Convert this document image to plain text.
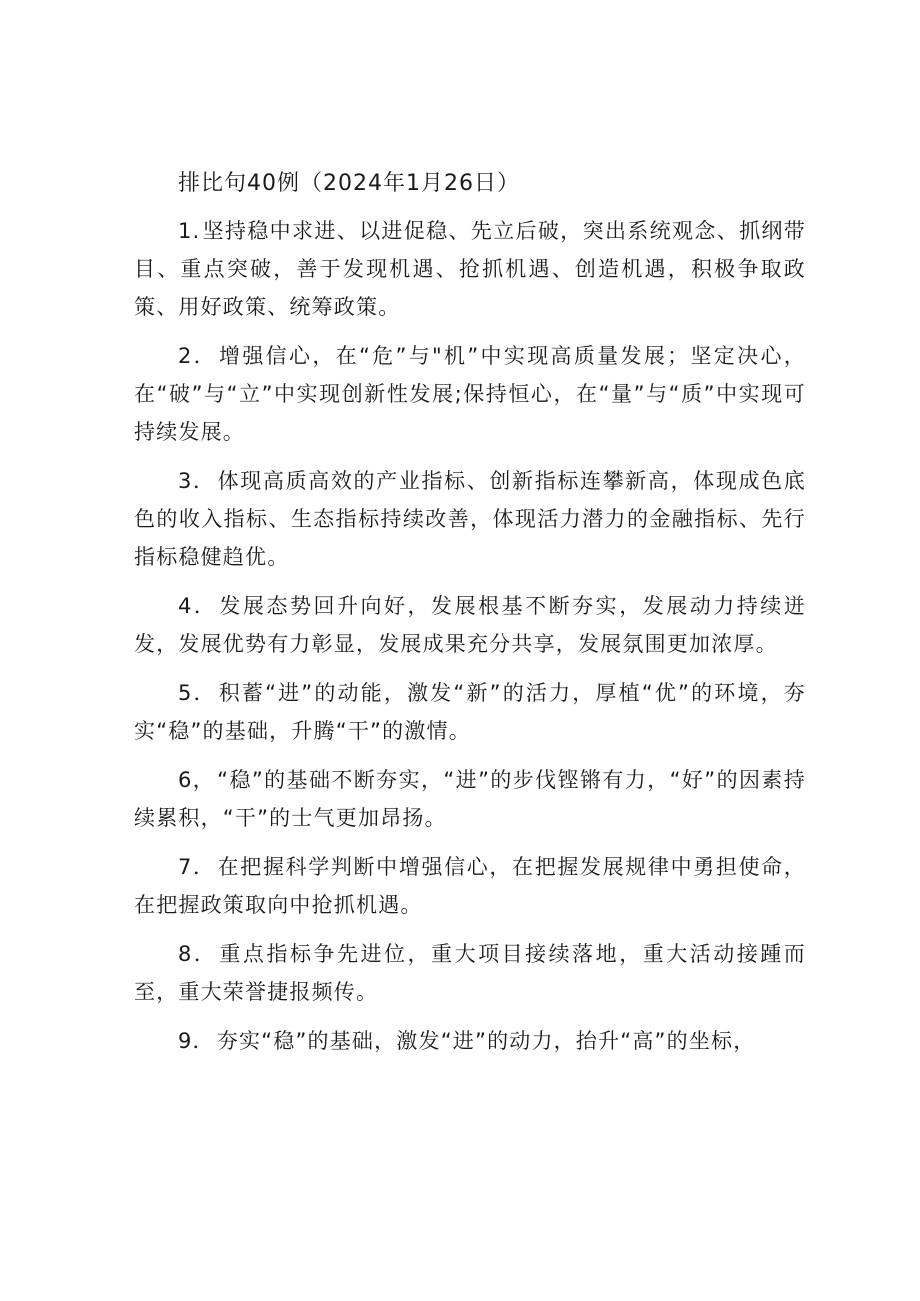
排比句40例（2024年1月26日）

1.坚持稳中求进、以进促稳、先立后破，突出系统观念、抓纲带目、重点突破，善于发现机遇、抢抓机遇、创造机遇，积极争取政策、用好政策、统筹政策。

2．增强信心，在“危”与"机”中实现高质量发展；坚定决心，在“破”与“立”中实现创新性发展;保持恒心，在“量”与“质”中实现可持续发展。

3．体现高质高效的产业指标、创新指标连攀新高，体现成色底色的收入指标、生态指标持续改善，体现活力潜力的金融指标、先行指标稳健趋优。

4．发展态势回升向好，发展根基不断夯实，发展动力持续迸发，发展优势有力彰显，发展成果充分共享，发展氛围更加浓厚。

5．积蓄“进”的动能，激发“新”的活力，厚植“优”的环境，夯实“稳”的基础，升腾“干”的激情。

6，“稳”的基础不断夯实，“进”的步伐铿锵有力，“好”的因素持续累积，“干”的士气更加昂扬。

7．在把握科学判断中增强信心，在把握发展规律中勇担使命，在把握政策取向中抢抓机遇。

8．重点指标争先进位，重大项目接续落地，重大活动接踵而至，重大荣誉捷报频传。

9．夯实“稳”的基础，激发“进”的动力，抬升“高”的坐标，
